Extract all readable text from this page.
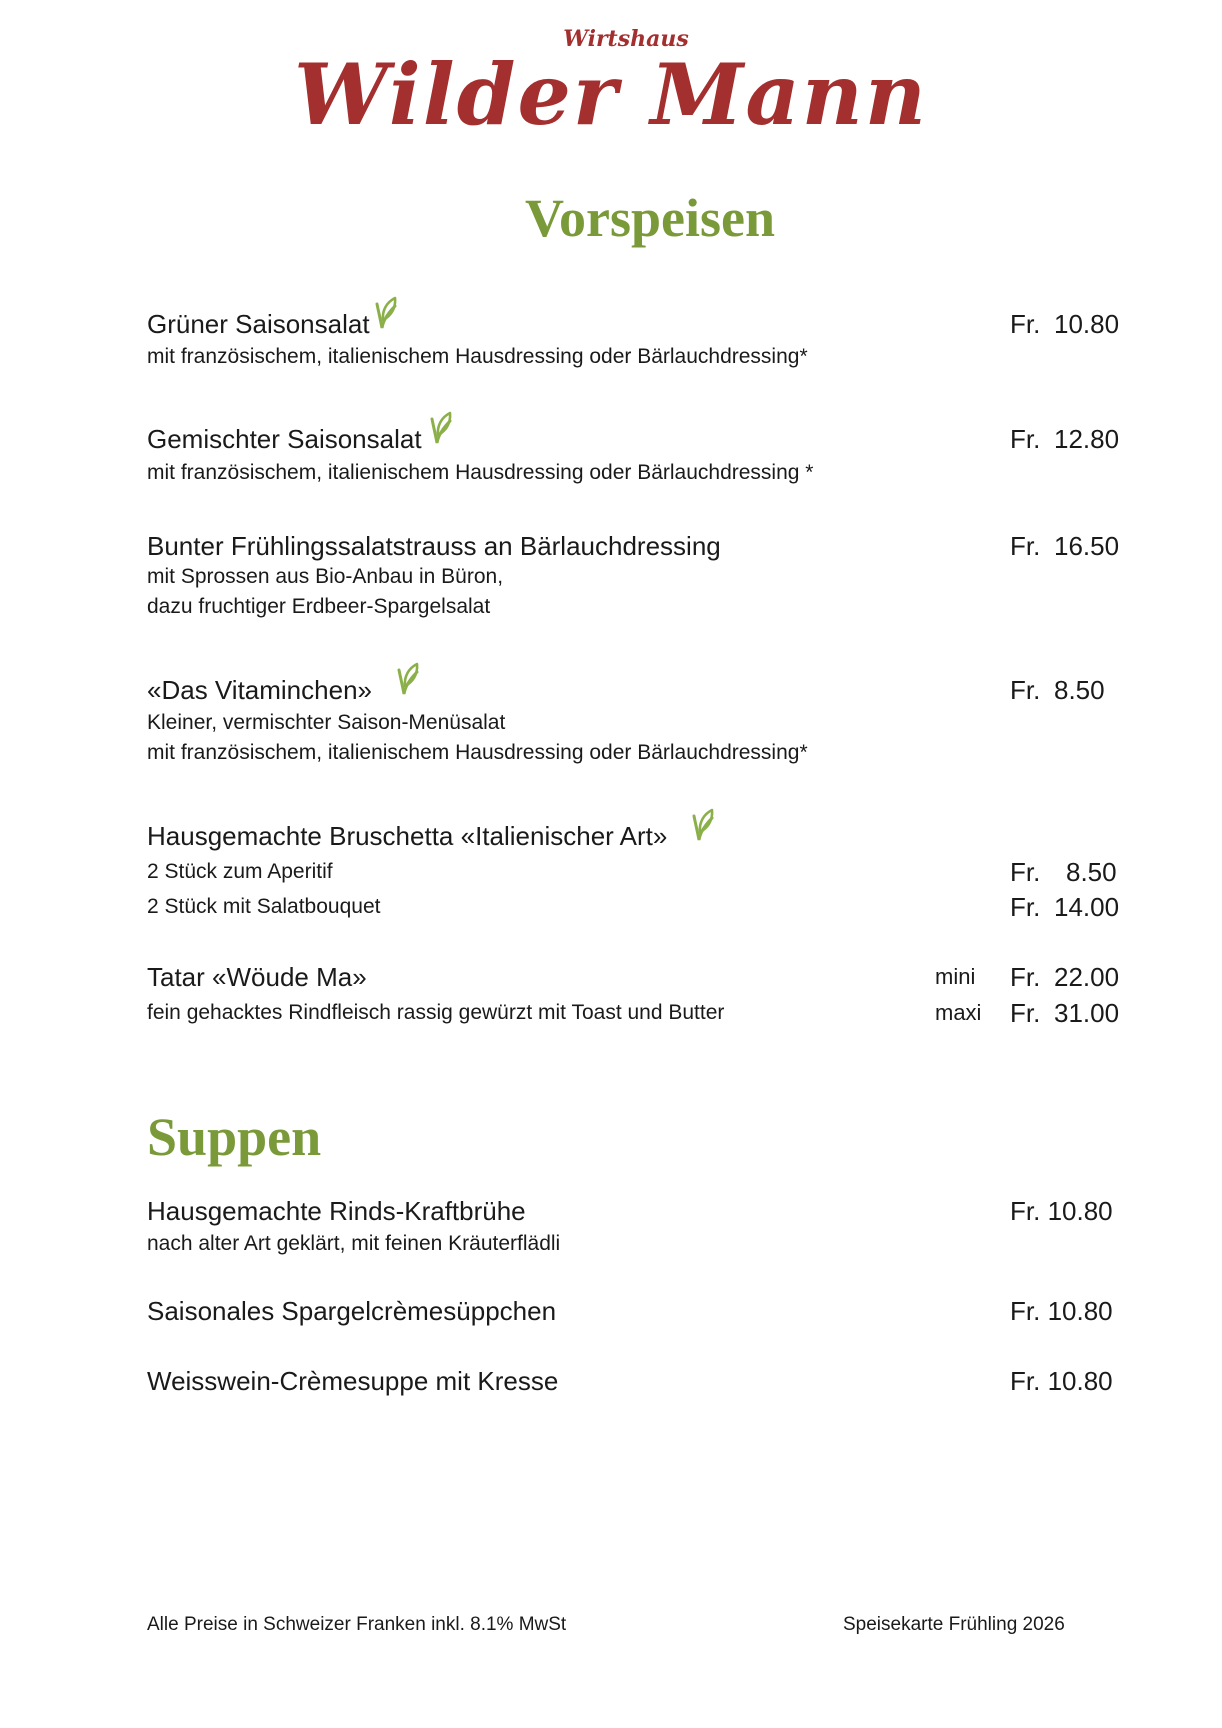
Wirtshaus
Wilder Mann
Vorspeisen
Grüner Saisonsalat
mit französischem, italienischem Hausdressing oder Bärlauchdressing*
Fr. 10.80
Gemischter Saisonsalat
mit französischem, italienischem Hausdressing oder Bärlauchdressing *
Fr. 12.80
Bunter Frühlingssalatstrauss an Bärlauchdressing
mit Sprossen aus Bio-Anbau in Büron,
dazu fruchtiger Erdbeer-Spargelsalat
Fr. 16.50
«Das Vitaminchen»
Kleiner, vermischter Saison-Menüsalat
mit französischem, italienischem Hausdressing oder Bärlauchdressing*
Fr. 8.50
Hausgemachte Bruschetta «Italienischer Art»
2 Stück zum Aperitif	Fr. 8.50
2 Stück mit Salatbouquet	Fr. 14.00
Tatar «Wöude Ma»	mini Fr. 22.00
fein gehacktes Rindfleisch rassig gewürzt mit Toast und Butter	maxi Fr. 31.00
Suppen
Hausgemachte Rinds-Kraftbrühe
nach alter Art geklärt, mit feinen Kräuterflädli
Fr. 10.80
Saisonales Spargelcrèmesüppchen	Fr. 10.80
Weisswein-Crèmesuppe mit Kresse	Fr. 10.80
Alle Preise in Schweizer Franken inkl. 8.1% MwSt	Speisekarte Frühling 2026
